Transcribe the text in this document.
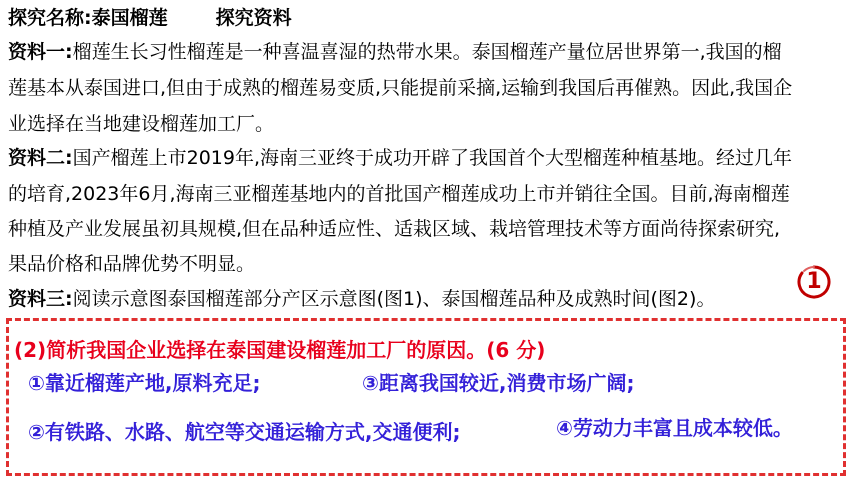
探究名称:泰国榴莲	探究资料
资料一:榴莲生长习性榴莲是一种喜温喜湿的热带水果。泰国榴莲产量位居世界第一,我国的榴
莲基本从泰国进口,但由于成熟的榴莲易变质,只能提前采摘,运输到我国后再催熟。因此,我国企
业选择在当地建设榴莲加工厂。
资料二:国产榴莲上市2019年,海南三亚终于成功开辟了我国首个大型榴莲种植基地。经过几年
的培育,2023年6月,海南三亚榴莲基地内的首批国产榴莲成功上市并销往全国。目前,海南榴莲
种植及产业发展虽初具规模,但在品种适应性、适栽区域、栽培管理技术等方面尚待探索研究,
果品价格和品牌优势不明显。
资料三:阅读示意图泰国榴莲部分产区示意图(图1)、泰国榴莲品种及成熟时间(图2)。
1
(2)简析我国企业选择在泰国建设榴莲加工厂的原因。(6 分)
①靠近榴莲产地,原料充足;	③距离我国较近,消费市场广阔;
②有铁路、水路、航空等交通运输方式,交通便利;	④劳动力丰富且成本较低。
